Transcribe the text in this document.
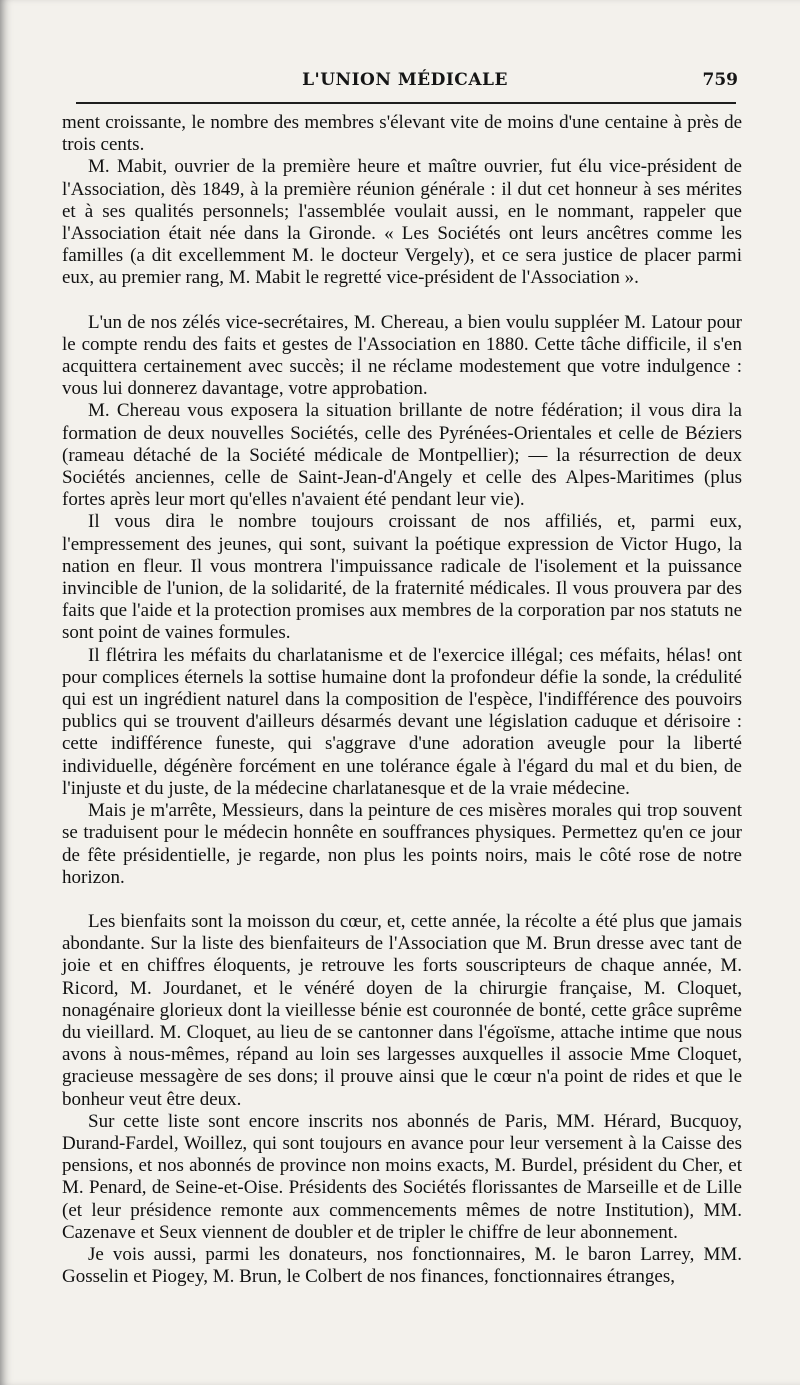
L'UNION MÉDICALE	759

ment croissante, le nombre des membres s'élevant vite de moins d'une centaine à près de trois cents.

M. Mabit, ouvrier de la première heure et maître ouvrier, fut élu vice-président de l'Association, dès 1849, à la première réunion générale : il dut cet honneur à ses mérites et à ses qualités personnels; l'assemblée voulait aussi, en le nommant, rappeler que l'Association était née dans la Gironde. « Les Sociétés ont leurs ancêtres comme les familles (a dit excellemment M. le docteur Vergely), et ce sera justice de placer parmi eux, au premier rang, M. Mabit le regretté vice-président de l'Association ».

L'un de nos zélés vice-secrétaires, M. Chereau, a bien voulu suppléer M. Latour pour le compte rendu des faits et gestes de l'Association en 1880. Cette tâche difficile, il s'en acquittera certainement avec succès; il ne réclame modestement que votre indulgence : vous lui donnerez davantage, votre approbation.

M. Chereau vous exposera la situation brillante de notre fédération; il vous dira la formation de deux nouvelles Sociétés, celle des Pyrénées-Orientales et celle de Béziers (rameau détaché de la Société médicale de Montpellier); — la résurrection de deux Sociétés anciennes, celle de Saint-Jean-d'Angely et celle des Alpes-Maritimes (plus fortes après leur mort qu'elles n'avaient été pendant leur vie).

Il vous dira le nombre toujours croissant de nos affiliés, et, parmi eux, l'empressement des jeunes, qui sont, suivant la poétique expression de Victor Hugo, la nation en fleur. Il vous montrera l'impuissance radicale de l'isolement et la puissance invincible de l'union, de la solidarité, de la fraternité médicales. Il vous prouvera par des faits que l'aide et la protection promises aux membres de la corporation par nos statuts ne sont point de vaines formules.

Il flétrira les méfaits du charlatanisme et de l'exercice illégal; ces méfaits, hélas! ont pour complices éternels la sottise humaine dont la profondeur défie la sonde, la crédulité qui est un ingrédient naturel dans la composition de l'espèce, l'indifférence des pouvoirs publics qui se trouvent d'ailleurs désarmés devant une législation caduque et dérisoire : cette indifférence funeste, qui s'aggrave d'une adoration aveugle pour la liberté individuelle, dégénère forcément en une tolérance égale à l'égard du mal et du bien, de l'injuste et du juste, de la médecine charlatanesque et de la vraie médecine.

Mais je m'arrête, Messieurs, dans la peinture de ces misères morales qui trop souvent se traduisent pour le médecin honnête en souffrances physiques. Permettez qu'en ce jour de fête présidentielle, je regarde, non plus les points noirs, mais le côté rose de notre horizon.

Les bienfaits sont la moisson du cœur, et, cette année, la récolte a été plus que jamais abondante. Sur la liste des bienfaiteurs de l'Association que M. Brun dresse avec tant de joie et en chiffres éloquents, je retrouve les forts souscripteurs de chaque année, M. Ricord, M. Jourdanet, et le vénéré doyen de la chirurgie française, M. Cloquet, nonagénaire glorieux dont la vieillesse bénie est couronnée de bonté, cette grâce suprême du vieillard. M. Cloquet, au lieu de se cantonner dans l'égoïsme, attache intime que nous avons à nous-mêmes, répand au loin ses largesses auxquelles il associe Mme Cloquet, gracieuse messagère de ses dons; il prouve ainsi que le cœur n'a point de rides et que le bonheur veut être deux.

Sur cette liste sont encore inscrits nos abonnés de Paris, MM. Hérard, Bucquoy, Durand-Fardel, Woillez, qui sont toujours en avance pour leur versement à la Caisse des pensions, et nos abonnés de province non moins exacts, M. Burdel, président du Cher, et M. Penard, de Seine-et-Oise. Présidents des Sociétés florissantes de Marseille et de Lille (et leur présidence remonte aux commencements mêmes de notre Institution), MM. Cazenave et Seux viennent de doubler et de tripler le chiffre de leur abonnement.

Je vois aussi, parmi les donateurs, nos fonctionnaires, M. le baron Larrey, MM. Gosselin et Piogey, M. Brun, le Colbert de nos finances, fonctionnaires étranges,
